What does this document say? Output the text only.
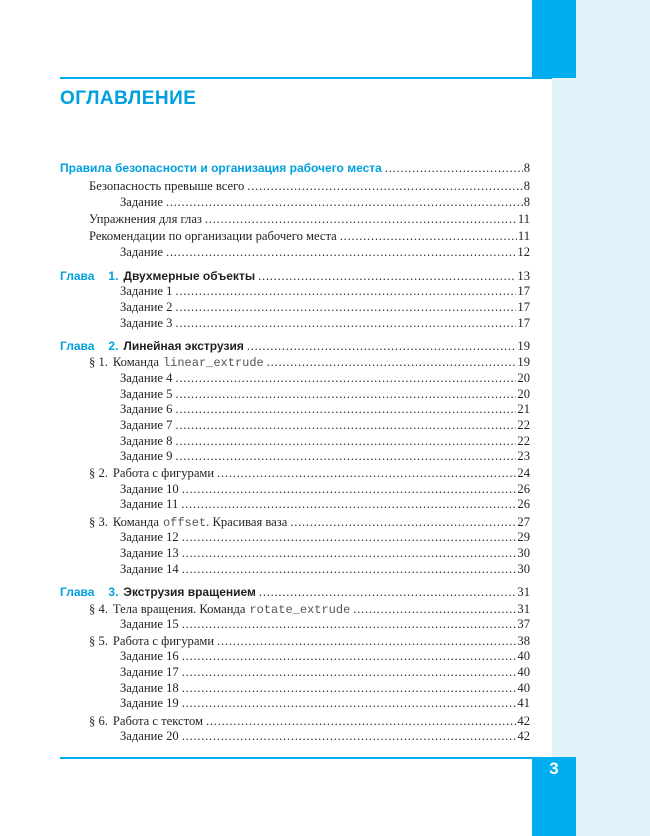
ОГЛАВЛЕНИЕ
Правила безопасности и организация рабочего места . . .	8
Безопасность превыше всего . . .	8
Задание . . .	8
Упражнения для глаз . . .	11
Рекомендации по организации рабочего места . . .	11
Задание . . .	12
Глава 1. Двухмерные объекты . . .	13
Задание 1 . . .	17
Задание 2 . . .	17
Задание 3 . . .	17
Глава 2. Линейная экструзия . . .	19
§ 1. Команда linear_extrude . . .	19
Задание 4 . . .	20
Задание 5 . . .	20
Задание 6 . . .	21
Задание 7 . . .	22
Задание 8 . . .	22
Задание 9 . . .	23
§ 2. Работа с фигурами . . .	24
Задание 10 . . .	26
Задание 11 . . .	26
§ 3. Команда offset . Красивая ваза . . .	27
Задание 12 . . .	29
Задание 13 . . .	30
Задание 14 . . .	30
Глава 3. Экструзия вращением . . .	31
§ 4. Тела вращения. Команда rotate_extrude . . .	31
Задание 15 . . .	37
§ 5. Работа с фигурами . . .	38
Задание 16 . . .	40
Задание 17 . . .	40
Задание 18 . . .	40
Задание 19 . . .	41
§ 6. Работа с текстом . . .	42
Задание 20 . . .	42
3
